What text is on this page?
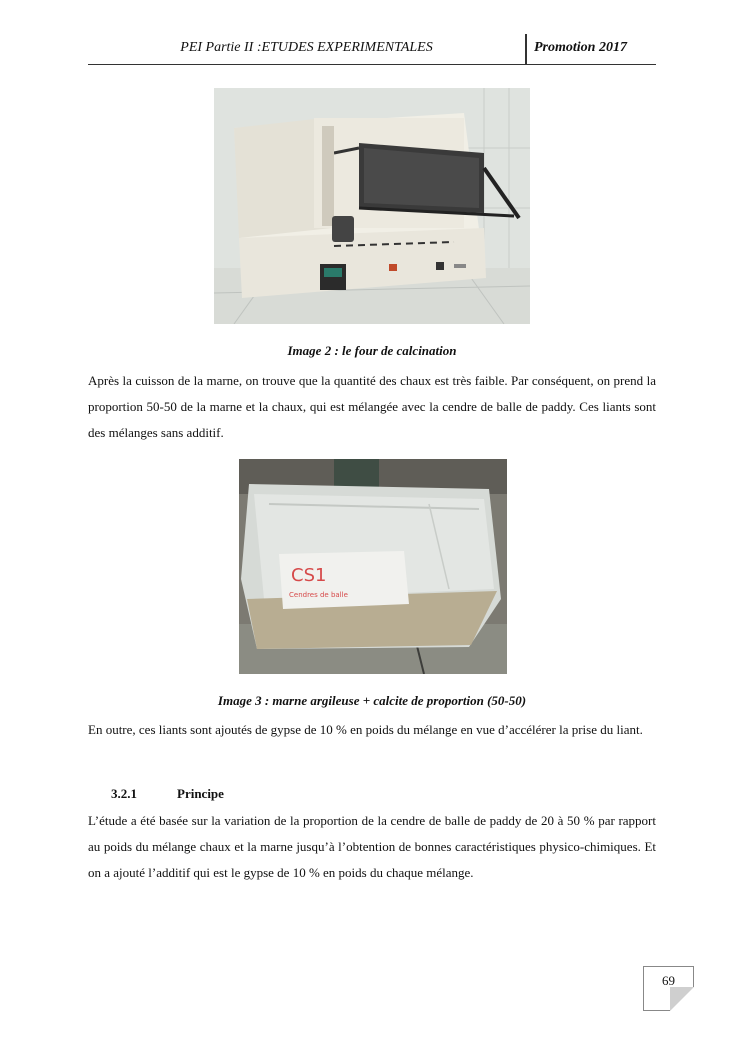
PEI Partie II :ETUDES EXPERIMENTALES	Promotion 2017
Image 2 : le four de calcination

Après la cuisson de la marne, on trouve que la quantité des chaux est très faible. Par conséquent, on prend la proportion 50-50 de la marne et la chaux, qui est mélangée avec la cendre de balle de paddy. Ces liants sont des mélanges sans additif.

CS1
Cendres de balle
Image 3 : marne argileuse + calcite de proportion (50-50)

En outre, ces liants sont ajoutés de gypse de 10 % en poids du mélange en vue d’accélérer la prise du liant.

3.2.1	Principe

L’étude a été basée sur la variation de la proportion de la cendre de balle de paddy de 20 à 50 % par rapport au poids du mélange chaux et la marne jusqu’à l’obtention de bonnes caractéristiques physico-chimiques. Et on a ajouté l’additif qui est le gypse de 10 % en poids du chaque mélange.

69
